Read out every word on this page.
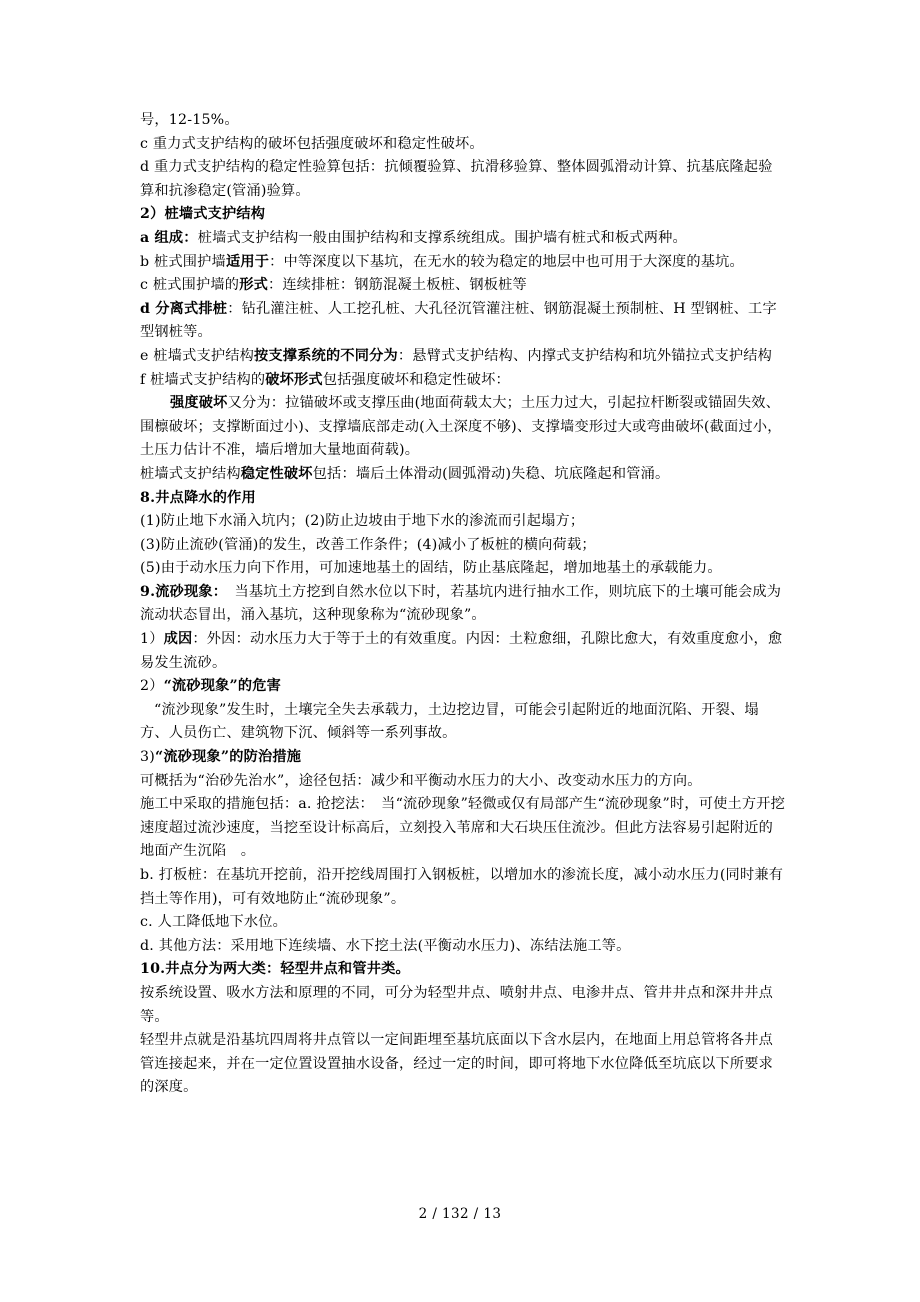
号，12-15%。

c 重力式支护结构的破坏包括强度破坏和稳定性破坏。

d 重力式支护结构的稳定性验算包括：抗倾覆验算、抗滑移验算、整体圆弧滑动计算、抗基底隆起验算和抗渗稳定(管涌)验算。

2）桩墙式支护结构

a 组成：桩墙式支护结构一般由围护结构和支撑系统组成。围护墙有桩式和板式两种。

b 桩式围护墙适用于：中等深度以下基坑，在无水的较为稳定的地层中也可用于大深度的基坑。

c 桩式围护墙的形式：连续排桩：钢筋混凝土板桩、钢板桩等

d 分离式排桩：钻孔灌注桩、人工挖孔桩、大孔径沉管灌注桩、钢筋混凝土预制桩、H 型钢桩、工字型钢桩等。

e 桩墙式支护结构按支撑系统的不同分为：悬臂式支护结构、内撑式支护结构和坑外锚拉式支护结构

f 桩墙式支护结构的破坏形式包括强度破坏和稳定性破坏：

强度破坏又分为：拉锚破坏或支撑压曲(地面荷载太大；土压力过大，引起拉杆断裂或锚固失效、围檩破坏；支撑断面过小)、支撑墙底部走动(入土深度不够)、支撑墙变形过大或弯曲破坏(截面过小，土压力估计不准，墙后增加大量地面荷载)。

桩墙式支护结构稳定性破坏包括：墙后土体滑动(圆弧滑动)失稳、坑底隆起和管涌。

8.井点降水的作用

(1)防止地下水涌入坑内；(2)防止边坡由于地下水的渗流而引起塌方；

(3)防止流砂(管涌)的发生，改善工作条件；(4)减小了板桩的横向荷载；

(5)由于动水压力向下作用，可加速地基土的固结，防止基底隆起，增加地基土的承载能力。

9.流砂现象：　当基坑土方挖到自然水位以下时，若基坑内进行抽水工作，则坑底下的土壤可能会成为流动状态冒出，涌入基坑，这种现象称为“流砂现象”。

1）成因：外因：动水压力大于等于土的有效重度。内因：土粒愈细，孔隙比愈大，有效重度愈小，愈易发生流砂。

2）“流砂现象”的危害

“流沙现象”发生时，土壤完全失去承载力，土边挖边冒，可能会引起附近的地面沉陷、开裂、塌方、人员伤亡、建筑物下沉、倾斜等一系列事故。

3)“流砂现象”的防治措施

可概括为“治砂先治水”，途径包括：减少和平衡动水压力的大小、改变动水压力的方向。

施工中采取的措施包括：a. 抢挖法：　当“流砂现象”轻微或仅有局部产生“流砂现象”时，可使土方开挖速度超过流沙速度，当挖至设计标高后，立刻投入苇席和大石块压住流沙。但此方法容易引起附近的地面产生沉陷　。

b. 打板桩：在基坑开挖前，沿开挖线周围打入钢板桩，以增加水的渗流长度，减小动水压力(同时兼有挡土等作用)，可有效地防止“流砂现象”。

c. 人工降低地下水位。

d. 其他方法：采用地下连续墙、水下挖土法(平衡动水压力)、冻结法施工等。

10.井点分为两大类：轻型井点和管井类。

按系统设置、吸水方法和原理的不同，可分为轻型井点、喷射井点、电渗井点、管井井点和深井井点等。

轻型井点就是沿基坑四周将井点管以一定间距埋至基坑底面以下含水层内，在地面上用总管将各井点管连接起来，并在一定位置设置抽水设备，经过一定的时间，即可将地下水位降低至坑底以下所要求的深度。

2 / 132 / 13
